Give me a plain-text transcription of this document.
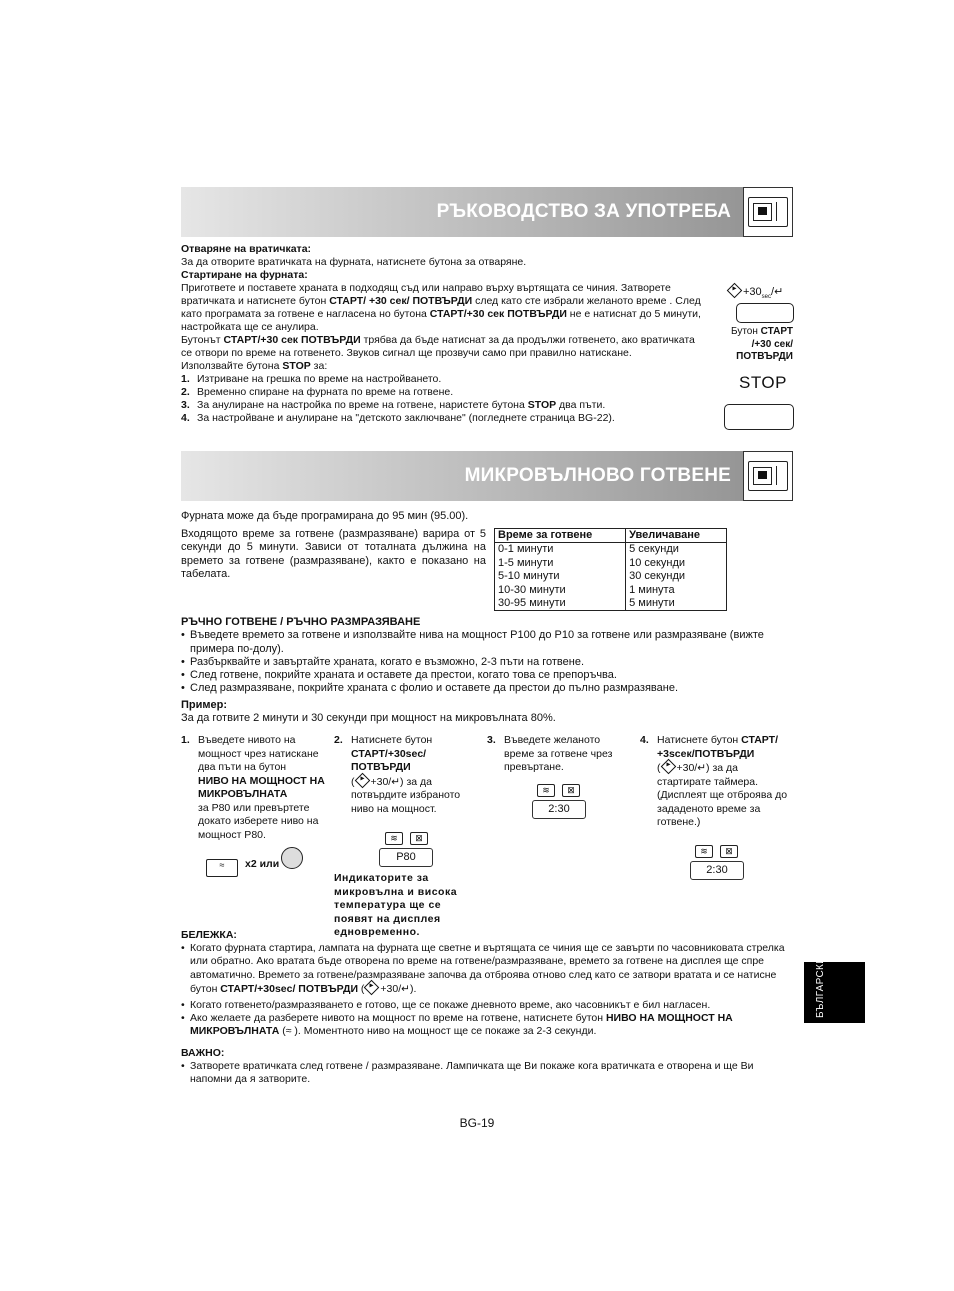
РЪКОВОДСТВО ЗА УПОТРЕБА

Отваряне на вратичката:

За да отворите вратичката на фурната, натиснете бутона за отваряне.

Стартиране на фурната:

Пригответе и поставете храната в подходящ съд или направо върху въртящата се чиния. Затворете вратичката и натиснете бутон СТАРТ/ +30 сек/ ПОТВЪРДИ след като сте избрали желаното време . След като програмата за готвене е нагласена но бутона СТАРТ/+30 сек ПОТВЪРДИ не е натиснат до 5 минути, настройката ще се анулира.

Бутонът СТАРТ/+30 сек ПОТВЪРДИ трябва да бъде натиснат за да продължи готвенето, ако вратичката се отвори по време на готвенето. Звуков сигнал ще прозвучи само при правилно натискане.

Използвайте бутона STOP за:

1. Изтриване на грешка по време на настройването.

2. Временно спиране на фурната по време на готвене.

3. За анулиране на настройка по време на готвене, наристете бутона STOP два пъти.

4. За настройване и анулиране на "детското заключване" (погледнете страница BG-22).

$+30_{sec}/↵$
Бутон СТАРТ
/+30 сек/
ПОТВЪРДИ
STOP
МИКРОВЪЛНОВО ГОТВЕНЕ

Фурната може да бъде програмирана до 95 мин (95.00).

Входящото време за готвене (размразяване) варира от 5 секунди до 5 минути. Зависи от тоталната дължина на времето за готвене (размразяване), както е показано на табелата.

Време за готвене	Увеличаване
0-1 минути	5 секунди
1-5 минути	10 секунди
5-10 минути	30 секунди
10-30 минути	1 минута
30-95 минути	5 минути

РЪЧНО ГОТВЕНЕ / РЪЧНО РАЗМРАЗЯВАНЕ

• Въведете времето за готвене и използвайте нива на мощност P100 до P10 за готвене или размразяване (вижте примера по-долу).

• Разбърквайте и завъртайте храната, когато е възможно, 2-3 пъти на готвене.

• След готвене, покрийте храната и оставете да престои, когато това се препоръчва.

• След размразяване, покрийте храната с фолио и оставете да престои до пълно размразяване.

Пример:

За да готвите 2 минути и 30 секунди при мощност на микровълната 80%.

1. Въведете нивото на мощност чрез натискане два пъти на бутон
НИВО НА МОЩНОСТ НА МИКРОВЪЛНАТА
за P80 или превъртете докато изберете ниво на мощност P80.
≈	x2 или
2. Натиснете бутон
СТАРТ/+30sec/ ПОТВЪРДИ
( +30/↵) за да потвърдите избраното ниво на мощност.
≋	⊠
P80

Индикаторите за микровълна и висока температура ще се появят на дисплея едновременно.

3. Въведете желаното време за готвене чрез превъртане.
≋	⊠
2:30
4. Натиснете бутон СТАРТ/ +3sceк/ПОТВЪРДИ
( +30/↵) за да стартирате таймера. (Дисплеят ще отброява до зададеното време за готвене.)
≋	⊠
2:30

БЕЛЕЖКА:

• Когато фурната стартира, лампата на фурната ще светне и въртящата се чиния ще се завърти по часовниковата стрелка или обратно. Ако вратата бъде отворена по време на готвене/размразяване, времето за готвене на дисплея ще спре автоматично. Времето за готвене/размразяване започва да отброява отново след като се затвори вратата и се натисне бутон СТАРТ/+30sec/ ПОТВЪРДИ ( +30/↵).

• Когато готвенето/размразяването е готово, ще се покаже дневното време, ако часовникът е бил нагласен.

• Ако желаете да разберете нивото на мощност по време на готвене, натиснете бутон НИВО НА МОЩНОСТ НА МИКРОВЪЛНАТА (≈ ). Моментното ниво на мощност ще се покаже за 2-3 секунди.

ВАЖНО:

• Затворете вратичката след готвене / размразяване. Лампичката ще Ви покаже кога вратичката е отворена и ще Ви напомни да я затворите.

BG-19
БЪЛГАРСКИ
